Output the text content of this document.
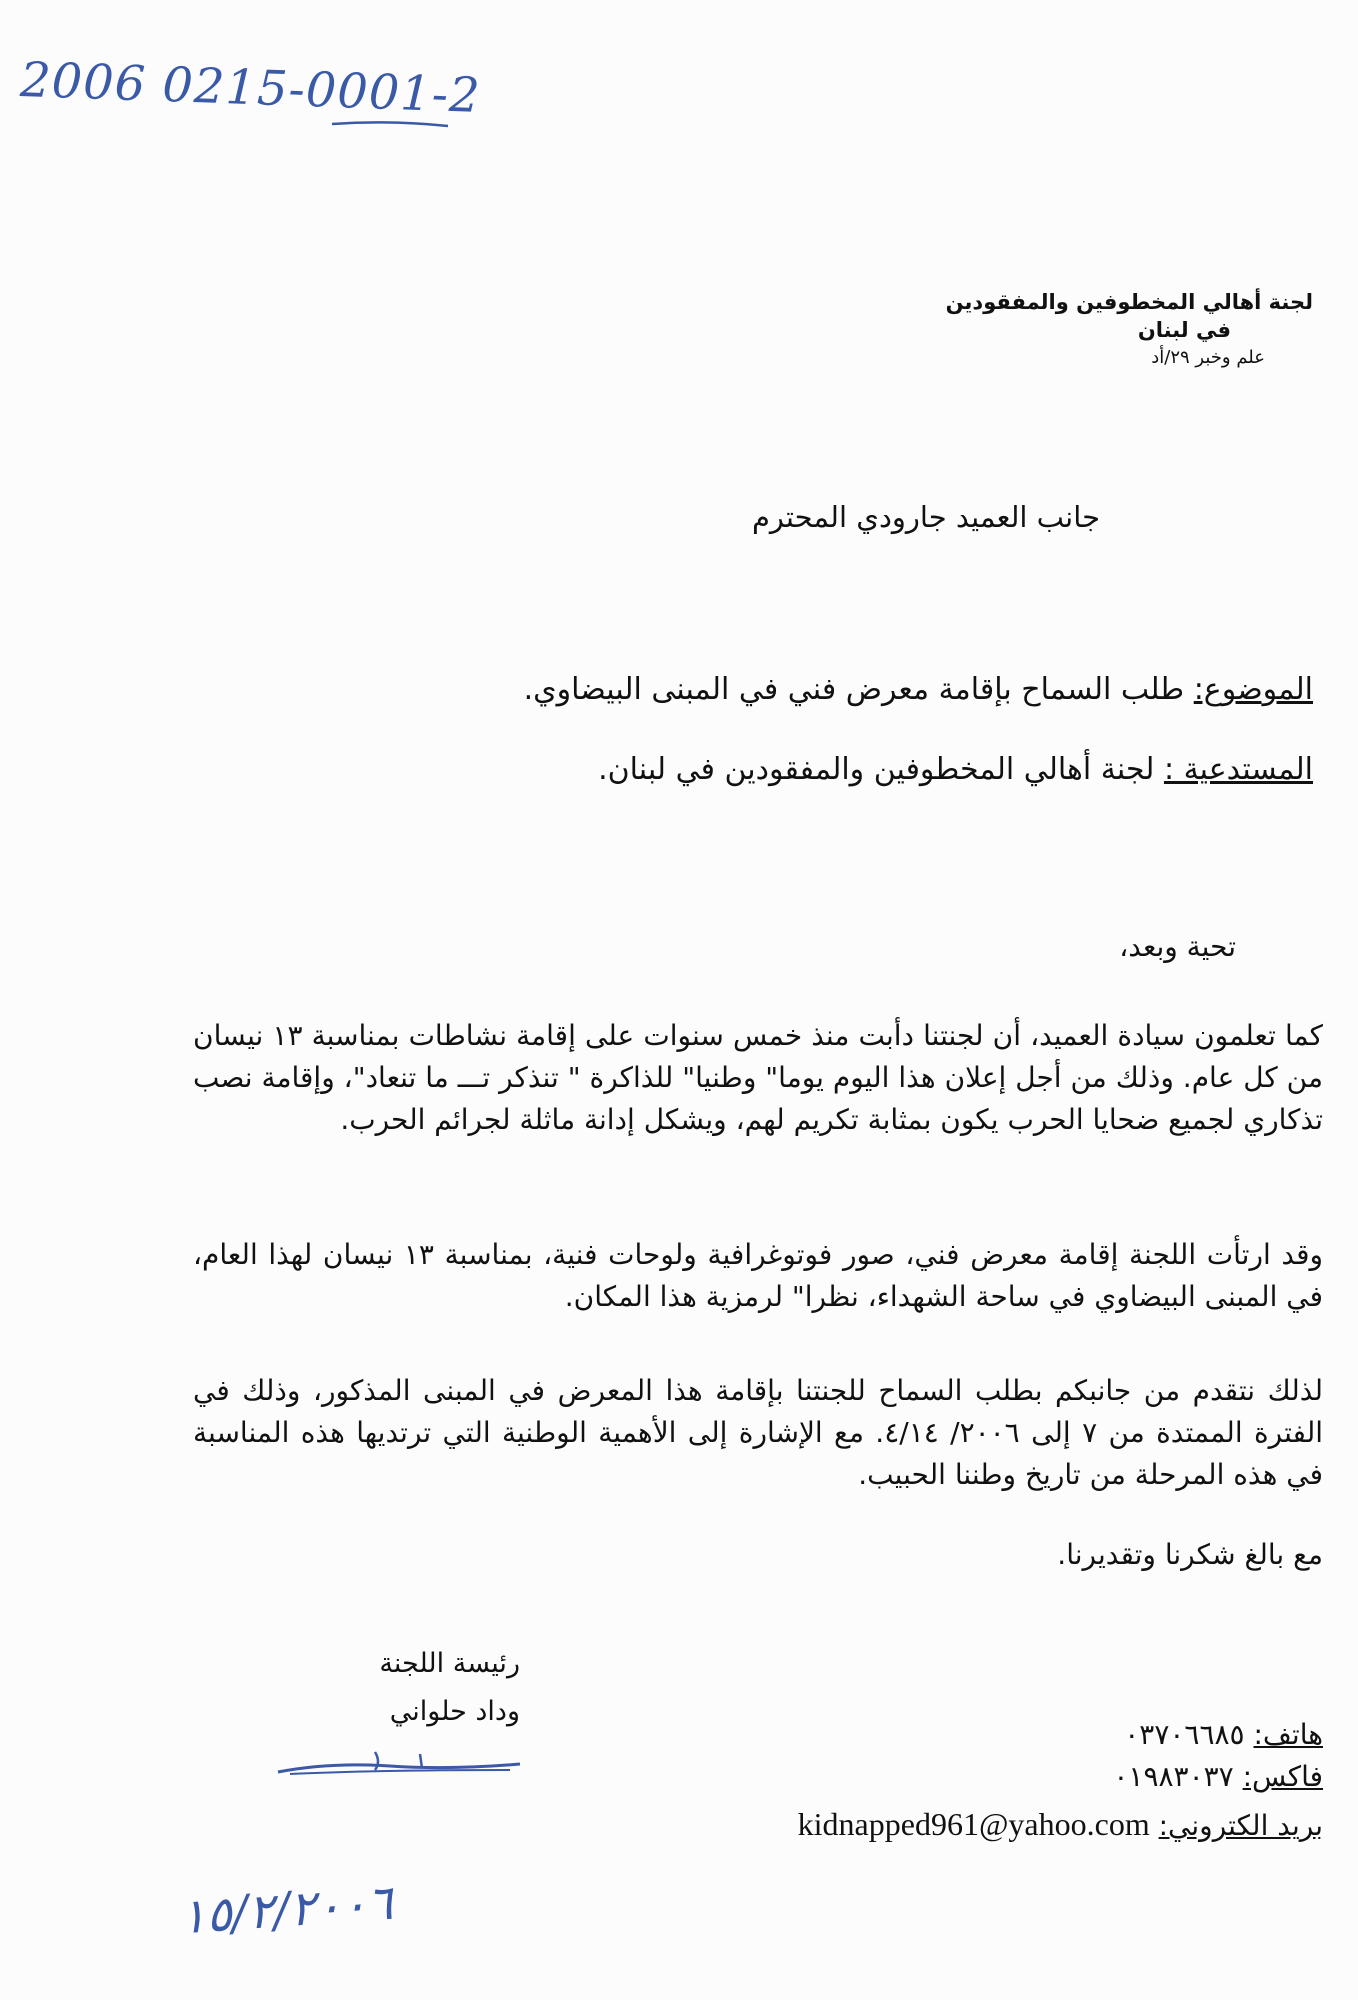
2006 0215-0001-2
لجنة أهالي المخطوفين والمفقودين
في لبنان
علم وخبر ٢٩/أد
جانب العميد جارودي المحترم
الموضوع: طلب السماح بإقامة معرض فني في المبنى البيضاوي.
المستدعية : لجنة أهالي المخطوفين والمفقودين في لبنان.
تحية وبعد،
كما تعلمون سيادة العميد، أن لجنتنا دأبت منذ خمس سنوات على إقامة نشاطات بمناسبة ١٣ نيسان من كل عام. وذلك من أجل إعلان هذا اليوم يوما" وطنيا" للذاكرة " تنذكر تـــ ما تنعاد"، وإقامة نصب تذكاري لجميع ضحايا الحرب يكون بمثابة تكريم لهم، ويشكل إدانة ماثلة لجرائم الحرب.
وقد ارتأت اللجنة إقامة معرض فني، صور فوتوغرافية ولوحات فنية، بمناسبة ١٣ نيسان لهذا العام، في المبنى البيضاوي في ساحة الشهداء، نظرا" لرمزية هذا المكان.
لذلك نتقدم من جانبكم بطلب السماح للجنتنا بإقامة هذا المعرض في المبنى المذكور، وذلك في الفترة الممتدة من ٧ إلى ٢٠٠٦/ ٤/١٤. مع الإشارة إلى الأهمية الوطنية التي ترتديها هذه المناسبة في هذه المرحلة من تاريخ وطننا الحبيب.
مع بالغ شكرنا وتقديرنا.
رئيسة اللجنة
وداد حلواني
هاتف: ٠٣٧٠٦٦٨٥
فاكس: ٠١٩٨٣٠٣٧
بريد الكتروني: kidnapped961@yahoo.com
١٥/٢/٢٠٠٦
